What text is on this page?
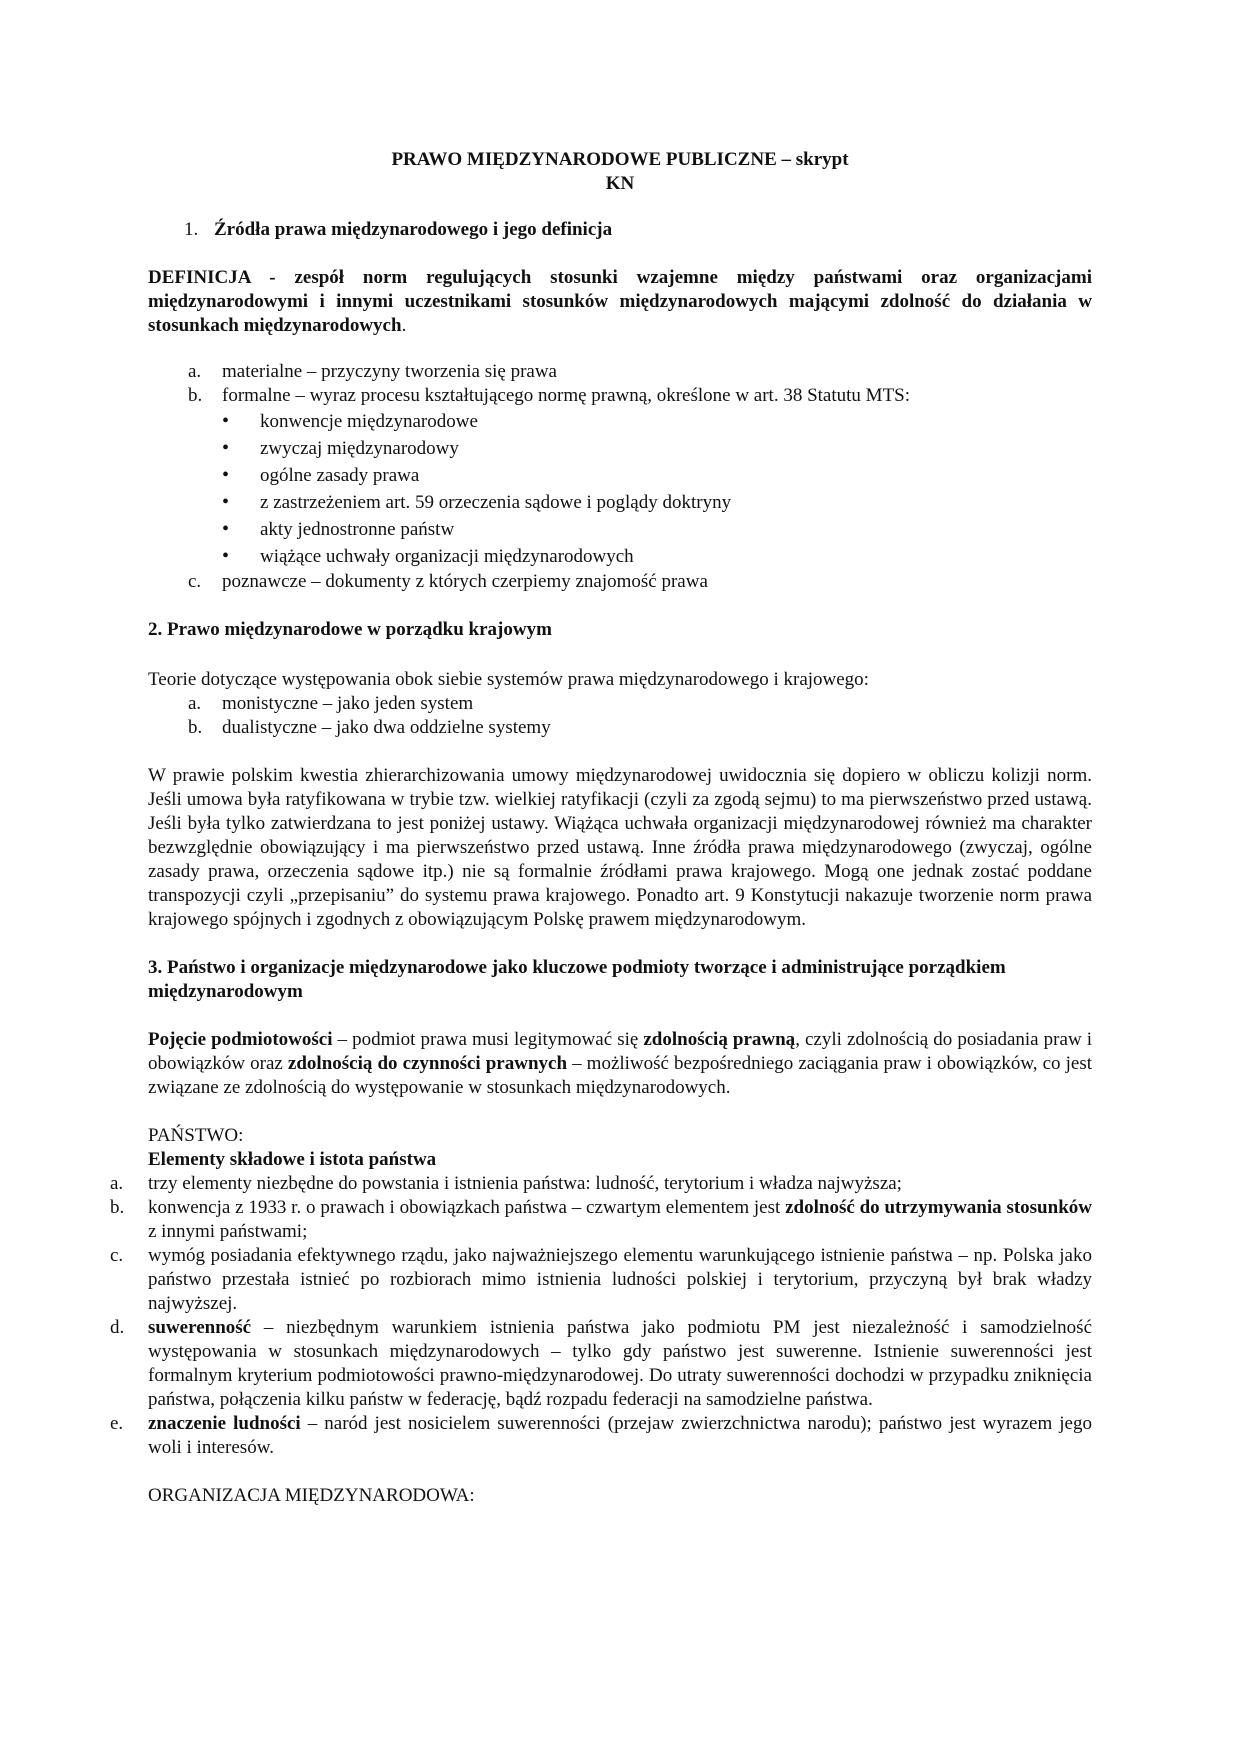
PRAWO MIĘDZYNARODOWE PUBLICZNE – skrypt

KN

1. Źródła prawa międzynarodowego i jego definicja

DEFINICJA - zespół norm regulujących stosunki wzajemne między państwami oraz organizacjami międzynarodowymi i innymi uczestnikami stosunków międzynarodowych mającymi zdolność do działania w stosunkach międzynarodowych.

a. materialne – przyczyny tworzenia się prawa
b. formalne – wyraz procesu kształtującego normę prawną, określone w art. 38 Statutu MTS:
• konwencje międzynarodowe
• zwyczaj międzynarodowy
• ogólne zasady prawa
• z zastrzeżeniem art. 59 orzeczenia sądowe i poglądy doktryny
• akty jednostronne państw
• wiążące uchwały organizacji międzynarodowych
c. poznawcze – dokumenty z których czerpiemy znajomość prawa

2. Prawo międzynarodowe w porządku krajowym

Teorie dotyczące występowania obok siebie systemów prawa międzynarodowego i krajowego:

a. monistyczne – jako jeden system
b. dualistyczne – jako dwa oddzielne systemy

W prawie polskim kwestia zhierarchizowania umowy międzynarodowej uwidocznia się dopiero w obliczu kolizji norm. Jeśli umowa była ratyfikowana w trybie tzw. wielkiej ratyfikacji (czyli za zgodą sejmu) to ma pierwszeństwo przed ustawą. Jeśli była tylko zatwierdzana to jest poniżej ustawy. Wiążąca uchwała organizacji międzynarodowej również ma charakter bezwzględnie obowiązujący i ma pierwszeństwo przed ustawą. Inne źródła prawa międzynarodowego (zwyczaj, ogólne zasady prawa, orzeczenia sądowe itp.) nie są formalnie źródłami prawa krajowego. Mogą one jednak zostać poddane transpozycji czyli „przepisaniu” do systemu prawa krajowego. Ponadto art. 9 Konstytucji nakazuje tworzenie norm prawa krajowego spójnych i zgodnych z obowiązującym Polskę prawem międzynarodowym.

3. Państwo i organizacje międzynarodowe jako kluczowe podmioty tworzące i administrujące porządkiem międzynarodowym

Pojęcie podmiotowości – podmiot prawa musi legitymować się zdolnością prawną, czyli zdolnością do posiadania praw i obowiązków oraz zdolnością do czynności prawnych – możliwość bezpośredniego zaciągania praw i obowiązków, co jest związane ze zdolnością do występowanie w stosunkach międzynarodowych.

PAŃSTWO:

Elementy składowe i istota państwa

a. trzy elementy niezbędne do powstania i istnienia państwa: ludność, terytorium i władza najwyższa;
b. konwencja z 1933 r. o prawach i obowiązkach państwa – czwartym elementem jest zdolność do utrzymywania stosunków z innymi państwami;
c. wymóg posiadania efektywnego rządu, jako najważniejszego elementu warunkującego istnienie państwa – np. Polska jako państwo przestała istnieć po rozbiorach mimo istnienia ludności polskiej i terytorium, przyczyną był brak władzy najwyższej.
d. suwerenność – niezbędnym warunkiem istnienia państwa jako podmiotu PM jest niezależność i samodzielność występowania w stosunkach międzynarodowych – tylko gdy państwo jest suwerenne. Istnienie suwerenności jest formalnym kryterium podmiotowości prawno-międzynarodowej. Do utraty suwerenności dochodzi w przypadku zniknięcia państwa, połączenia kilku państw w federację, bądź rozpadu federacji na samodzielne państwa.
e. znaczenie ludności – naród jest nosicielem suwerenności (przejaw zwierzchnictwa narodu); państwo jest wyrazem jego woli i interesów.

ORGANIZACJA MIĘDZYNARODOWA:
